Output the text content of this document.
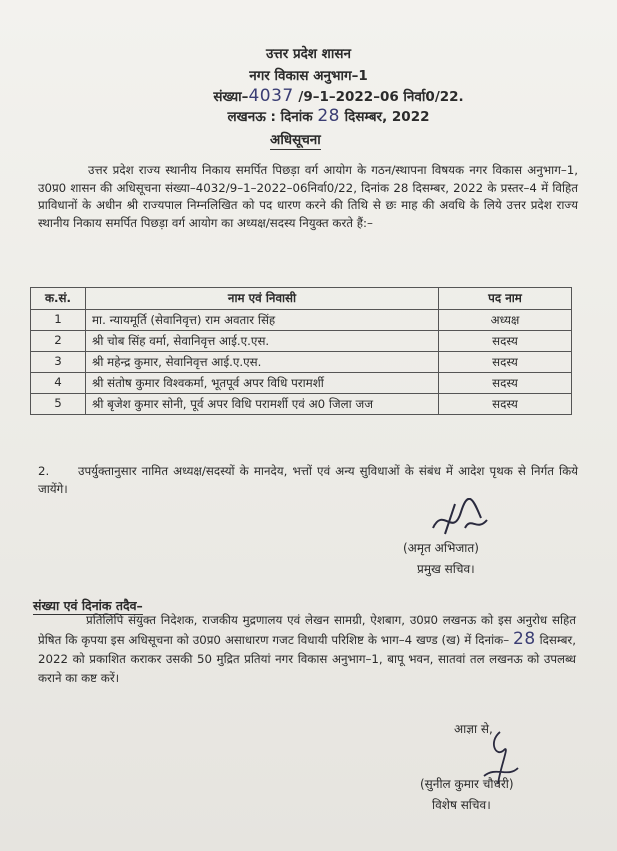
उत्तर प्रदेश शासन
नगर विकास अनुभाग–1
संख्या–4037 /9–1–2022–06 निर्वा0/22.
लखनऊ : दिनांक 28 दिसम्बर, 2022
अधिसूचना
उत्तर प्रदेश राज्य स्थानीय निकाय समर्पित पिछड़ा वर्ग आयोग के गठन/स्थापना विषयक नगर विकास अनुभाग–1, उ0प्र0 शासन की अधिसूचना संख्या–4032/9–1–2022–06निर्वा0/22, दिनांक 28 दिसम्बर, 2022 के प्रस्तर–4 में विहित प्राविधानों के अधीन श्री राज्यपाल निम्नलिखित को पद धारण करने की तिथि से छः माह की अवधि के लिये उत्तर प्रदेश राज्य स्थानीय निकाय समर्पित पिछड़ा वर्ग आयोग का अध्यक्ष/सदस्य नियुक्त करते हैं:–
क.सं.	नाम एवं निवासी	पद नाम
1	मा. न्यायमूर्ति (सेवानिवृत्त) राम अवतार सिंह	अध्यक्ष
2	श्री चोब सिंह वर्मा, सेवानिवृत्त आई.ए.एस.	सदस्य
3	श्री महेन्द्र कुमार, सेवानिवृत्त आई.ए.एस.	सदस्य
4	श्री संतोष कुमार विश्वकर्मा, भूतपूर्व अपर विधि परामर्शी	सदस्य
5	श्री बृजेश कुमार सोनी, पूर्व अपर विधि परामर्शी एवं अ0 जिला जज	सदस्य
2. उपर्युक्तानुसार नामित अध्यक्ष/सदस्यों के मानदेय, भत्तों एवं अन्य सुविधाओं के संबंध में आदेश पृथक से निर्गत किये जायेंगे।
(अमृत अभिजात)
प्रमुख सचिव।
संख्या एवं दिनांक तदैव–
प्रतिलिपि संयुक्त निदेशक, राजकीय मुद्रणालय एवं लेखन सामग्री, ऐशबाग, उ0प्र0 लखनऊ को इस अनुरोध सहित प्रेषित कि कृपया इस अधिसूचना को उ0प्र0 असाधारण गजट विधायी परिशिष्ट के भाग–4 खण्ड (ख) में दिनांक– 28 दिसम्बर, 2022 को प्रकाशित कराकर उसकी 50 मुद्रित प्रतियां नगर विकास अनुभाग–1, बापू भवन, सातवां तल लखनऊ को उपलब्ध कराने का कष्ट करें।
आज्ञा से,
(सुनील कुमार चौधरी)
विशेष सचिव।
